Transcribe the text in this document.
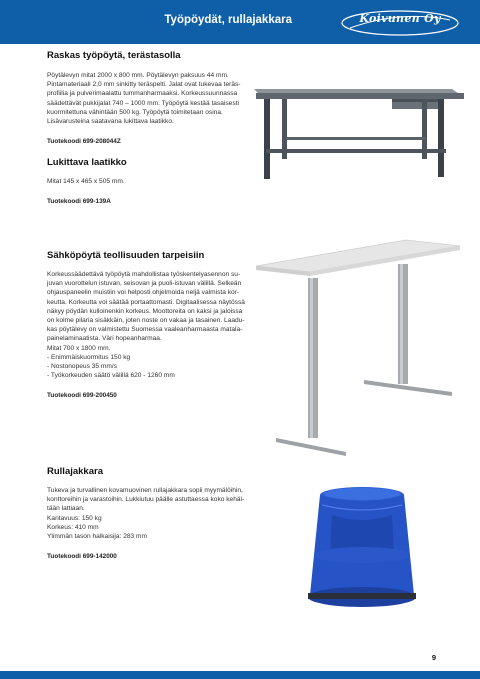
Työpöydät, rullajakkara	Koivunen Oy
Raskas työpöytä, terästasolla
Pöytälevyn mitat 2000 x 800 mm. Pöytälevyn paksuus 44 mm.
Pintamateriaali 2,0 mm sinkitty teräspelti. Jalat ovat tukevaa teräs-
profiilia ja pulverimaalattu tummanharmaaksi. Korkeussuunnassa
säädettävät pukkijalat 740 – 1000 mm. Työpöytä kestää tasaisesti
kuormitettuna vähintään 500 kg. Työpöytä toimitetaan osina.
Lisävarusteina saatavana lukittava laatikko.
Tuotekoodi 699-208044Z
Lukittava laatikko
Mitat 145 x 465 x 505 mm.
Tuotekoodi 699-139A
Sähköpöytä teollisuuden tarpeisiin
Korkeussäädettävä työpöytä mahdollistaa työskentelyasennon su-
juvan vuorottelun istuvan, seisovan ja puoli-istuvan välillä. Selkeän
ohjauspaneelin muistiin voi helposti ohjelmoida neljä valmista kor-
keutta. Korkeutta voi säätää portaattomasti. Digitaalisessa näytössä
näkyy pöydän kulloinenkin korkeus. Moottoreita on kaksi ja jaloissa
on kolme pilaria sisäkkäin, joten noste on vakaa ja tasainen. Laadu-
kas pöytälevy on valmistettu Suomessa vaaleanharmaasta matala-
painelaminaatista. Väri hopeanharmaa.
Mitat 700 x 1800 mm.
- Enimmäiskuormitus 150 kg
- Nostonopeus 35 mm/s
- Työkorkeuden säätö välillä 620 - 1260 mm
Tuotekoodi 699-200450
Rullajakkara
Tukeva ja turvallinen kovamuovinen rullajakkara sopii myymälöihin,
konttoreihin ja varastoihin. Lukkiutuu päälle astuttaessa koko kehäl-
tään lattiaan.
Kantavuus: 150 kg
Korkeus: 410 mm
Ylimmän tason halkaisija: 283 mm
Tuotekoodi 699-142000
9
